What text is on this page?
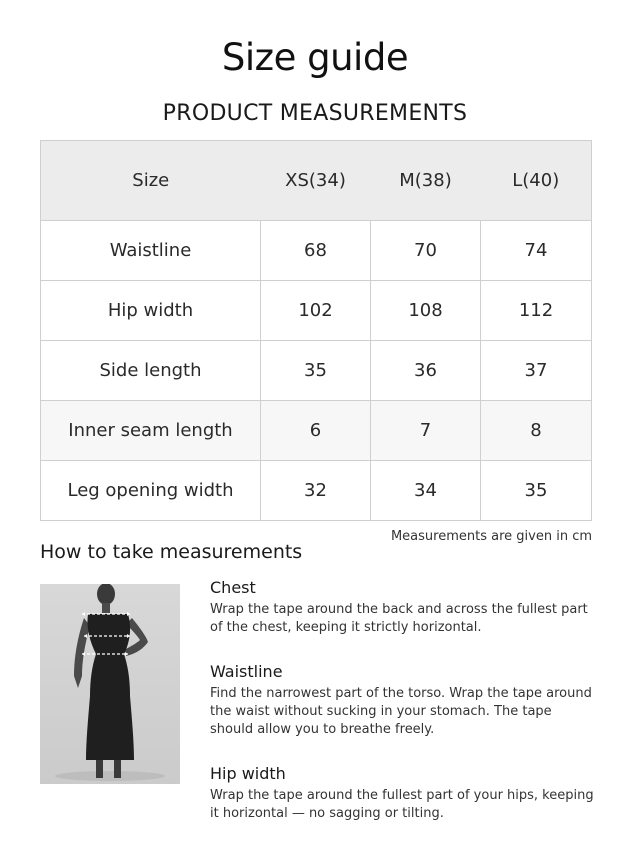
Size guide
PRODUCT MEASUREMENTS
Size	XS(34)	M(38)	L(40)
Waistline	68	70	74
Hip width	102	108	112
Side length	35	36	37
Inner seam length	6	7	8
Leg opening width	32	34	35
Measurements are given in cm
How to take measurements
Chest
Wrap the tape around the back and across the fullest part of the chest, keeping it strictly horizontal.
Waistline
Find the narrowest part of the torso. Wrap the tape around the waist without sucking in your stomach. The tape should allow you to breathe freely.
Hip width
Wrap the tape around the fullest part of your hips, keeping it horizontal — no sagging or tilting.
